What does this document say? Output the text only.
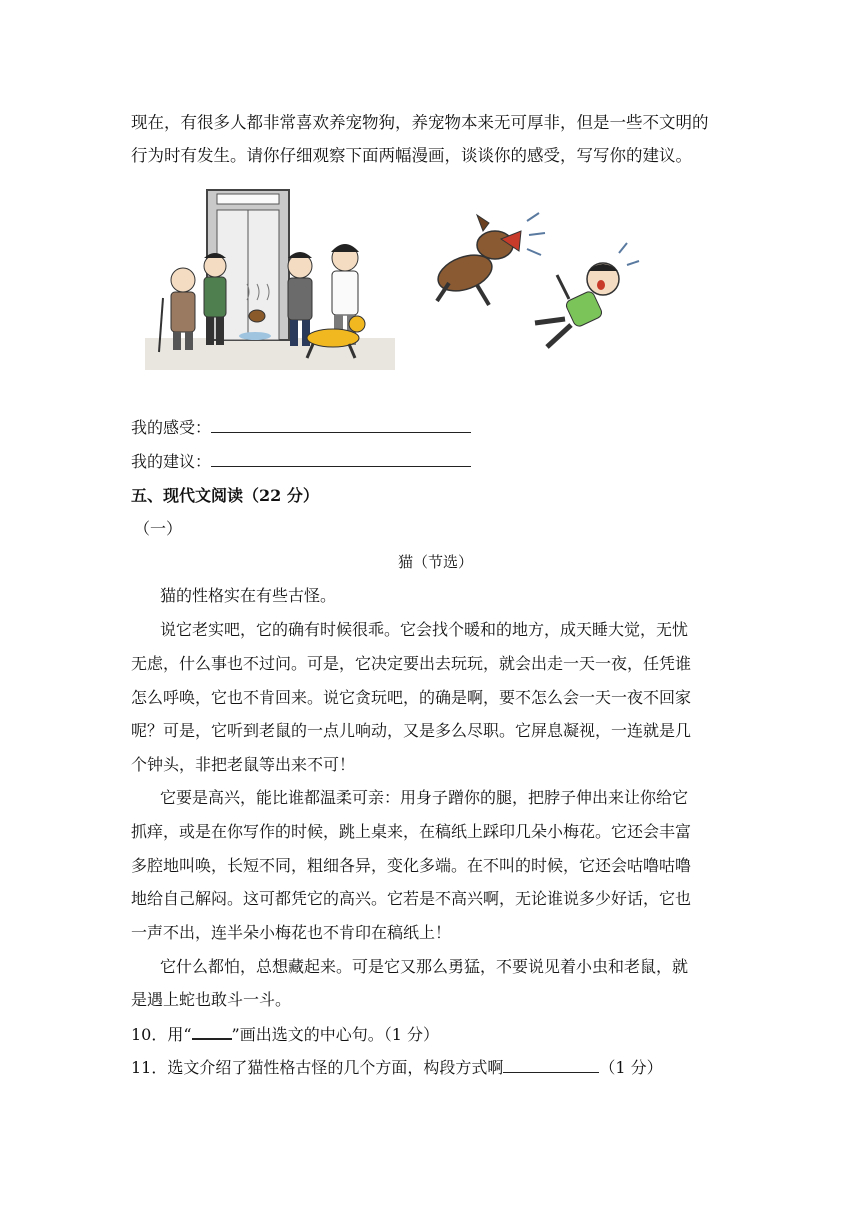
现在，有很多人都非常喜欢养宠物狗，养宠物本来无可厚非，但是一些不文明的
行为时有发生。请你仔细观察下面两幅漫画，谈谈你的感受，写写你的建议。
我的感受：
我的建议：
五、现代文阅读（22 分）
（一）
猫（节选）
猫的性格实在有些古怪。
说它老实吧，它的确有时候很乖。它会找个暖和的地方，成天睡大觉，无忧
无虑，什么事也不过问。可是，它决定要出去玩玩，就会出走一天一夜，任凭谁
怎么呼唤，它也不肯回来。说它贪玩吧，的确是啊，要不怎么会一天一夜不回家
呢？可是，它听到老鼠的一点儿响动，又是多么尽职。它屏息凝视，一连就是几
个钟头，非把老鼠等出来不可！
它要是高兴，能比谁都温柔可亲：用身子蹭你的腿，把脖子伸出来让你给它
抓痒，或是在你写作的时候，跳上桌来，在稿纸上踩印几朵小梅花。它还会丰富
多腔地叫唤，长短不同，粗细各异，变化多端。在不叫的时候，它还会咕噜咕噜
地给自己解闷。这可都凭它的高兴。它若是不高兴啊，无论谁说多少好话，它也
一声不出，连半朵小梅花也不肯印在稿纸上！
它什么都怕，总想藏起来。可是它又那么勇猛，不要说见着小虫和老鼠，就
是遇上蛇也敢斗一斗。
10．用“	”画出选文的中心句。（1 分）
11．选文介绍了猫性格古怪的几个方面，构段方式啊	（1 分）
